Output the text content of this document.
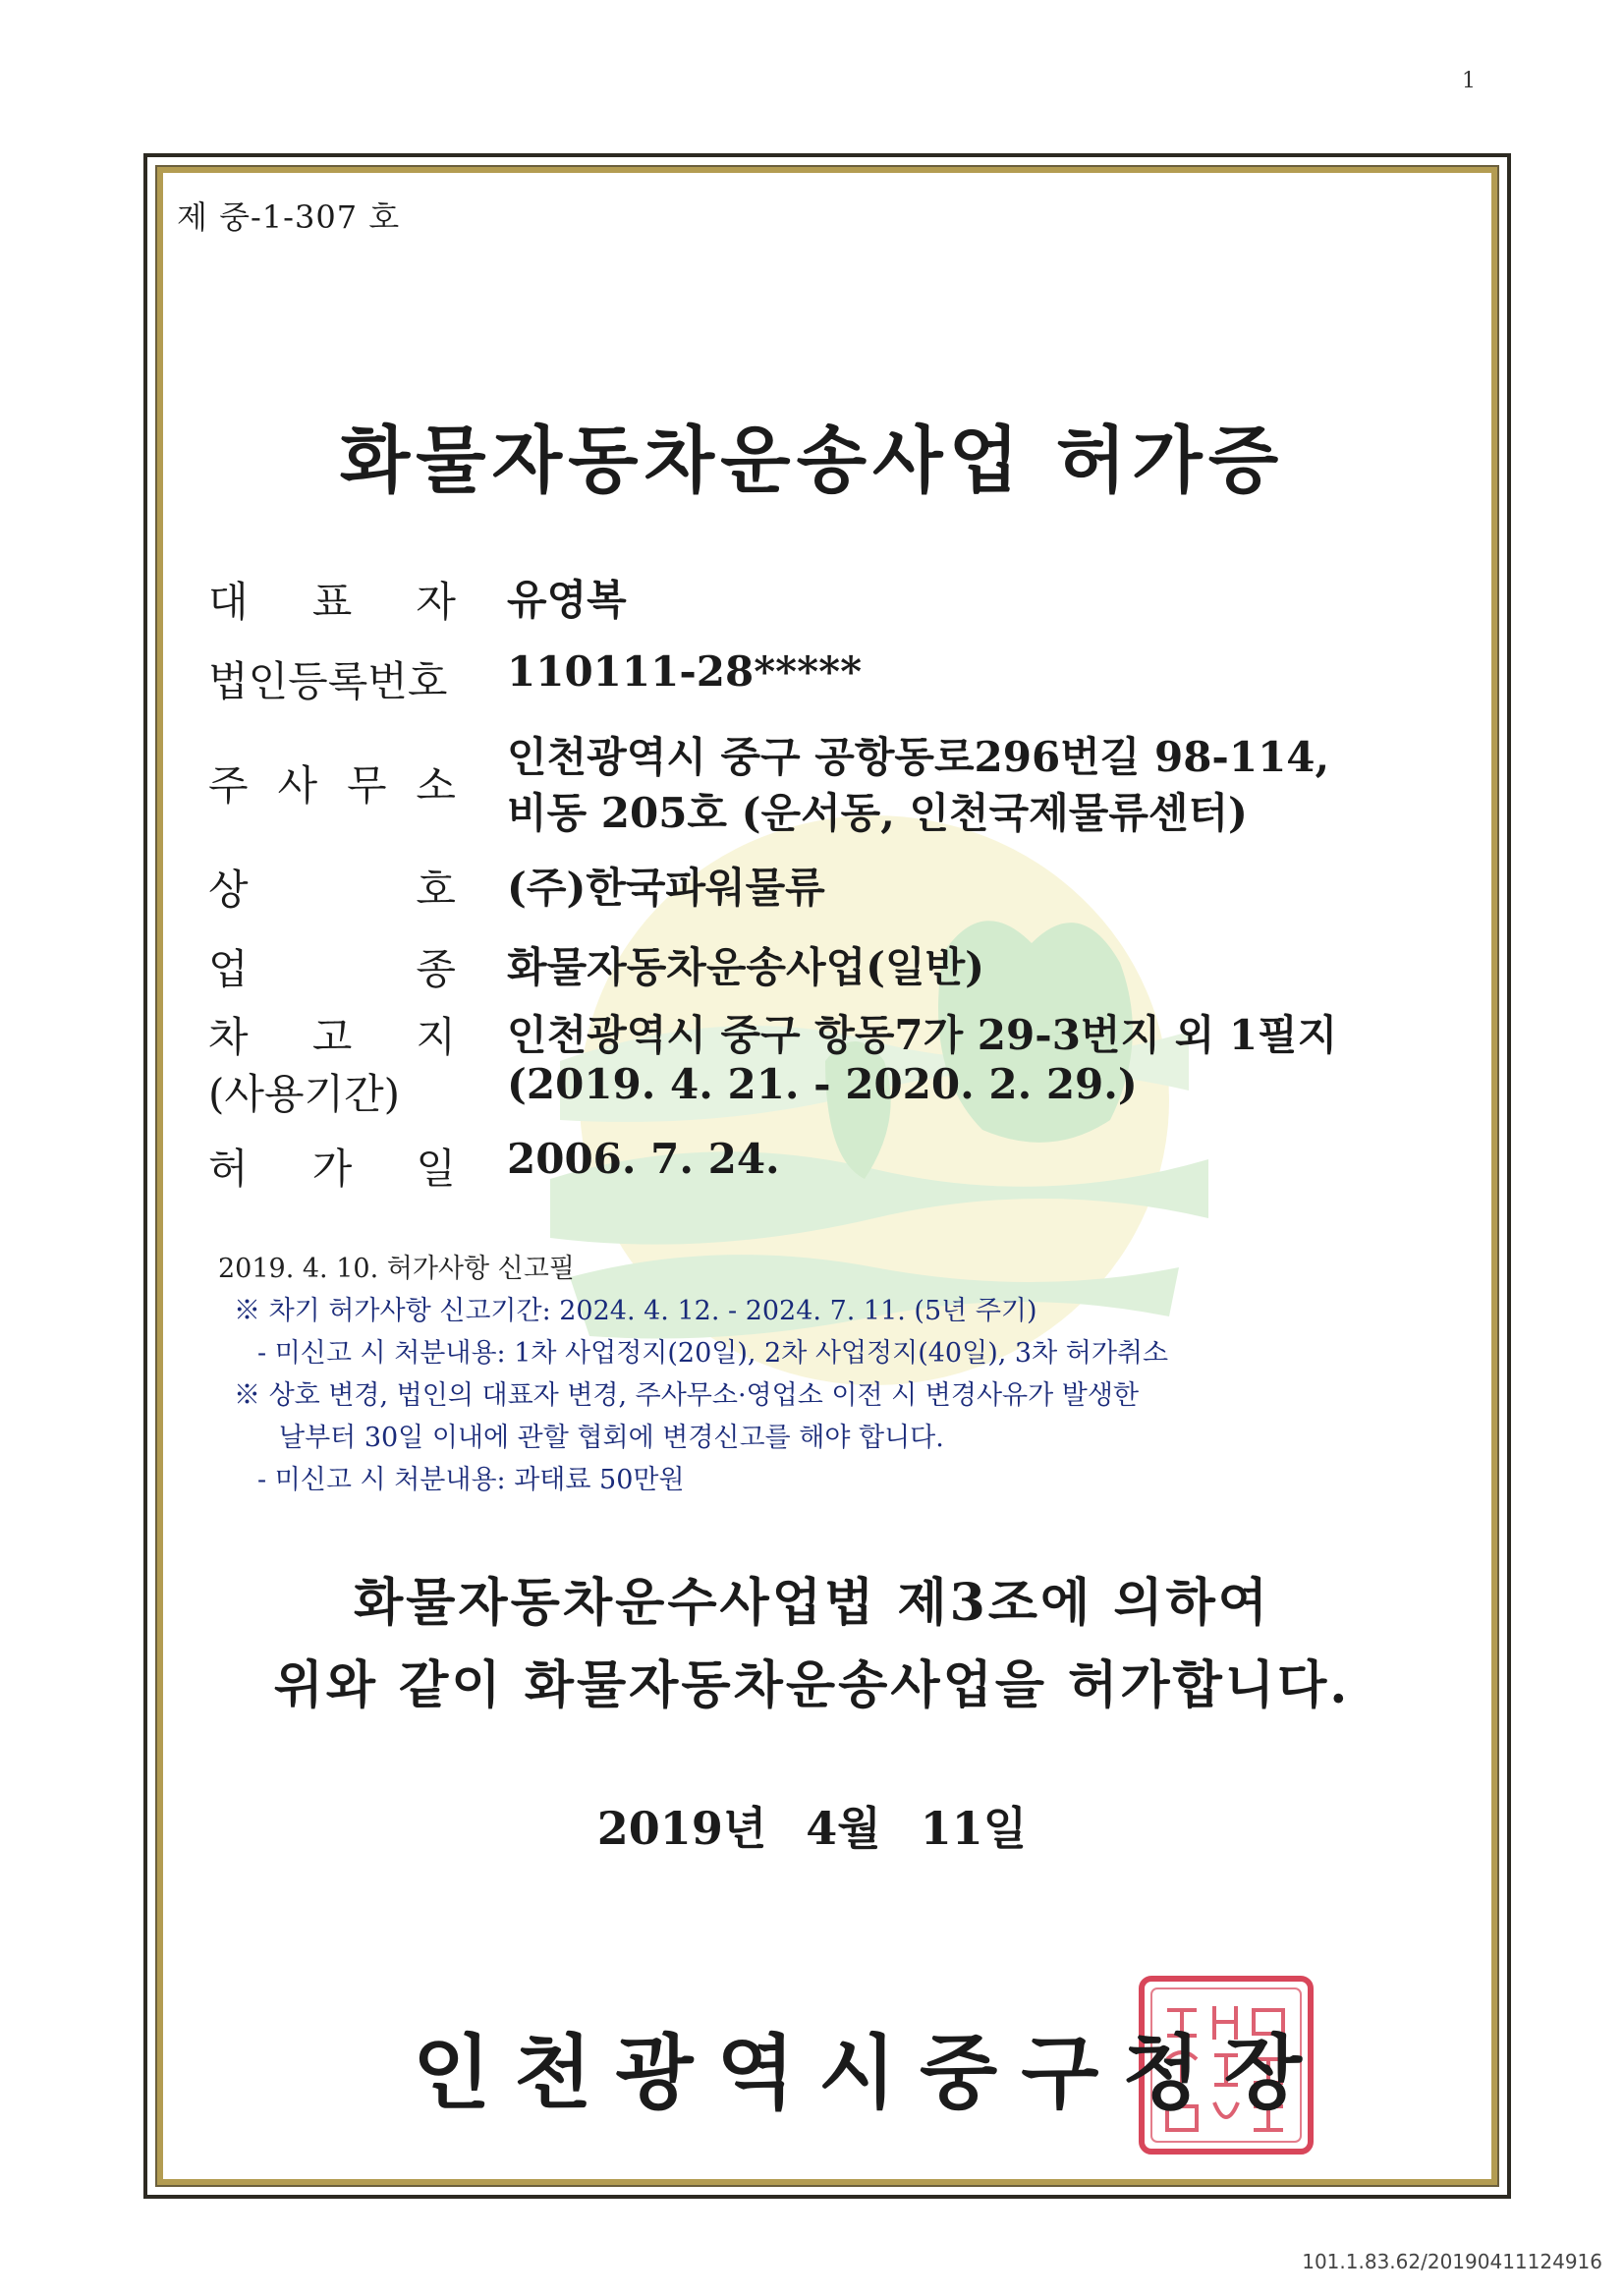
1
제 중-1-307 호
화물자동차운송사업 허가증
대 표 자 유영복
법인등록번호 110111-28*****
주 사 무 소
인천광역시 중구 공항동로296번길 98-114,
비동 205호 (운서동, 인천국제물류센터)
상 호 (주)한국파워물류
업 종 화물자동차운송사업(일반)
차 고 지
(사용기간)
인천광역시 중구 항동7가 29-3번지 외 1필지
(2019. 4. 21. - 2020. 2. 29.)
허 가 일 2006. 7. 24.
2019. 4. 10. 허가사항 신고필
※ 차기 허가사항 신고기간: 2024. 4. 12. - 2024. 7. 11. (5년 주기)
- 미신고 시 처분내용: 1차 사업정지(20일), 2차 사업정지(40일), 3차 허가취소
※ 상호 변경, 법인의 대표자 변경, 주사무소·영업소 이전 시 변경사유가 발생한
날부터 30일 이내에 관할 협회에 변경신고를 해야 합니다.
- 미신고 시 처분내용: 과태료 50만원
화물자동차운수사업법 제3조에 의하여
위와 같이 화물자동차운송사업을 허가합니다.
2019년 4월 11일
인천광역시중구청장
101.1.83.62/20190411124916
